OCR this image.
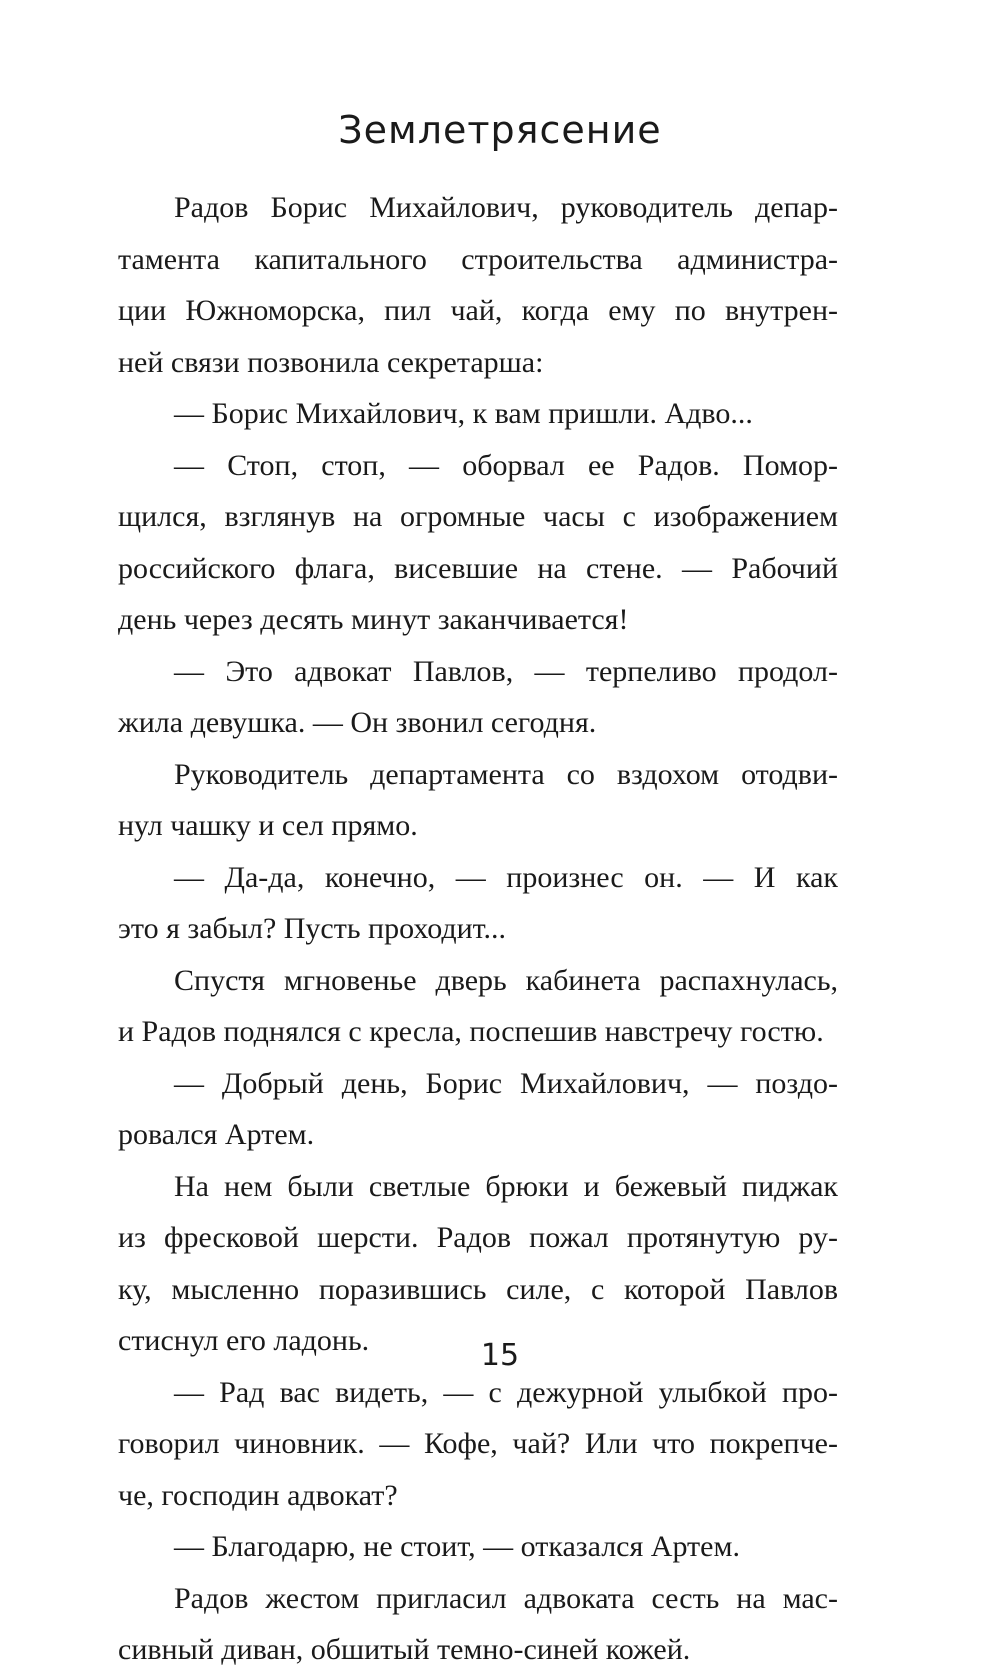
Землетрясение
Радов Борис Михайлович, руководитель депар-
тамента капитального строительства администра-
ции Южноморска, пил чай, когда ему по внутрен-
ней связи позвонила секретарша:
— Борис Михайлович, к вам пришли. Адво...
— Стоп, стоп, — оборвал ее Радов. Помор-
щился, взглянув на огромные часы с изображением
российского флага, висевшие на стене. — Рабочий
день через десять минут заканчивается!
— Это адвокат Павлов, — терпеливо продол-
жила девушка. — Он звонил сегодня.
Руководитель департамента со вздохом отодви-
нул чашку и сел прямо.
— Да-да, конечно, — произнес он. — И как
это я забыл? Пусть проходит...
Спустя мгновенье дверь кабинета распахнулась,
и Радов поднялся с кресла, поспешив навстречу гостю.
— Добрый день, Борис Михайлович, — поздо-
ровался Артем.
На нем были светлые брюки и бежевый пиджак
из фресковой шерсти. Радов пожал протянутую ру-
ку, мысленно поразившись силе, с которой Павлов
стиснул его ладонь.
— Рад вас видеть, — с дежурной улыбкой про-
говорил чиновник. — Кофе, чай? Или что покрепче-
че, господин адвокат?
— Благодарю, не стоит, — отказался Артем.
Радов жестом пригласил адвоката сесть на мас-
сивный диван, обшитый темно-синей кожей.
15
